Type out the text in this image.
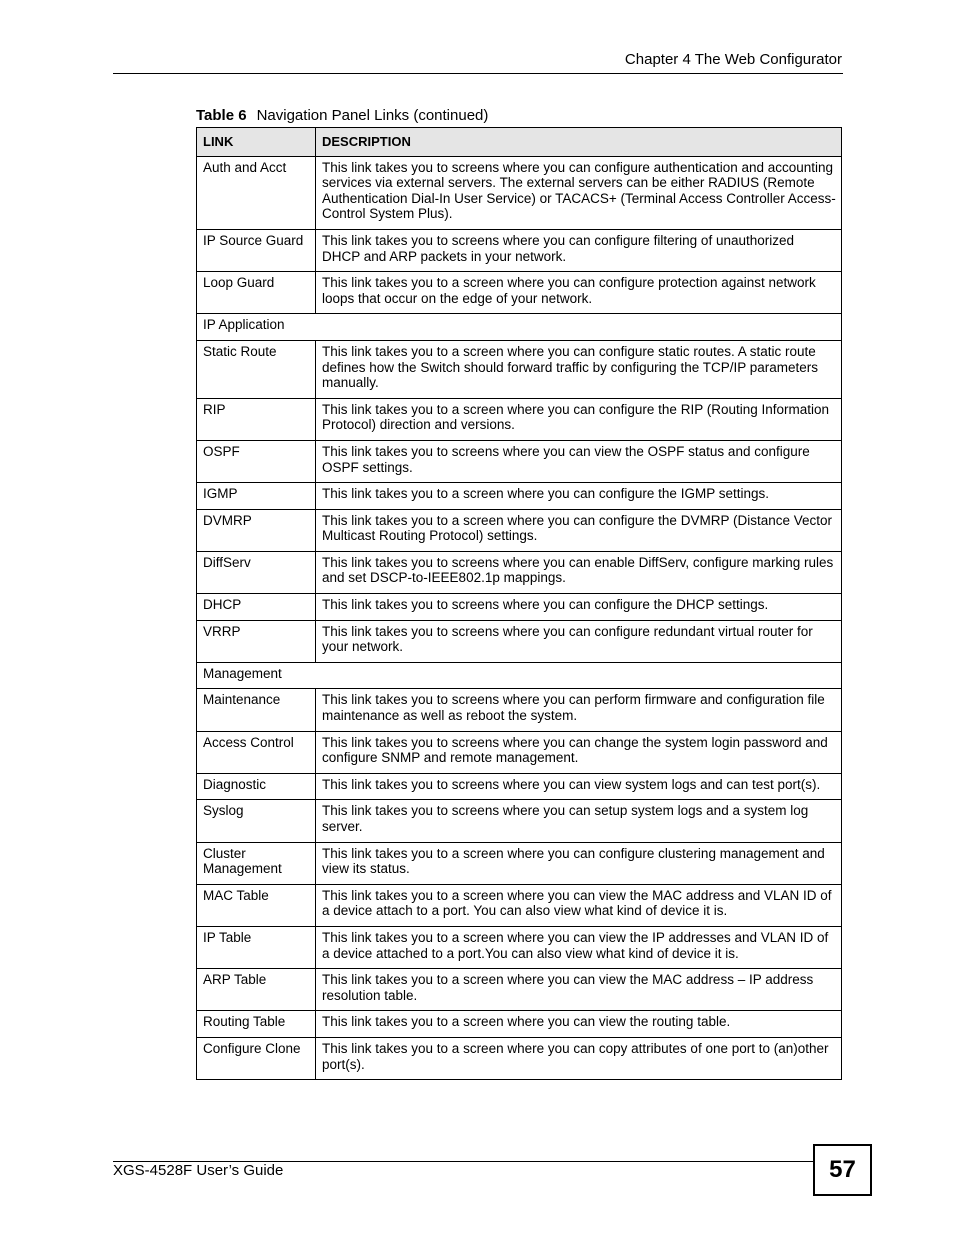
Chapter 4 The Web Configurator
Table 6 Navigation Panel Links (continued)
LINK	DESCRIPTION
Auth and Acct	This link takes you to screens where you can configure authentication and accounting services via external servers. The external servers can be either RADIUS (Remote Authentication Dial-In User Service) or TACACS+ (Terminal Access Controller Access-Control System Plus).
IP Source Guard	This link takes you to screens where you can configure filtering of unauthorized DHCP and ARP packets in your network.
Loop Guard	This link takes you to a screen where you can configure protection against network loops that occur on the edge of your network.
IP Application	
Static Route	This link takes you to a screen where you can configure static routes. A static route defines how the Switch should forward traffic by configuring the TCP/IP parameters manually.
RIP	This link takes you to a screen where you can configure the RIP (Routing Information Protocol) direction and versions.
OSPF	This link takes you to screens where you can view the OSPF status and configure OSPF settings.
IGMP	This link takes you to a screen where you can configure the IGMP settings.
DVMRP	This link takes you to a screen where you can configure the DVMRP (Distance Vector Multicast Routing Protocol) settings.
DiffServ	This link takes you to screens where you can enable DiffServ, configure marking rules and set DSCP-to-IEEE802.1p mappings.
DHCP	This link takes you to screens where you can configure the DHCP settings.
VRRP	This link takes you to screens where you can configure redundant virtual router for your network.
Management	
Maintenance	This link takes you to screens where you can perform firmware and configuration file maintenance as well as reboot the system.
Access Control	This link takes you to screens where you can change the system login password and configure SNMP and remote management.
Diagnostic	This link takes you to screens where you can view system logs and can test port(s).
Syslog	This link takes you to screens where you can setup system logs and a system log server.
Cluster Management	This link takes you to a screen where you can configure clustering management and view its status.
MAC Table	This link takes you to a screen where you can view the MAC address and VLAN ID of a device attach to a port. You can also view what kind of device it is.
IP Table	This link takes you to a screen where you can view the IP addresses and VLAN ID of a device attached to a port.You can also view what kind of device it is.
ARP Table	This link takes you to a screen where you can view the MAC address – IP address resolution table.
Routing Table	This link takes you to a screen where you can view the routing table.
Configure Clone	This link takes you to a screen where you can copy attributes of one port to (an)other port(s).
XGS-4528F User’s Guide	57
